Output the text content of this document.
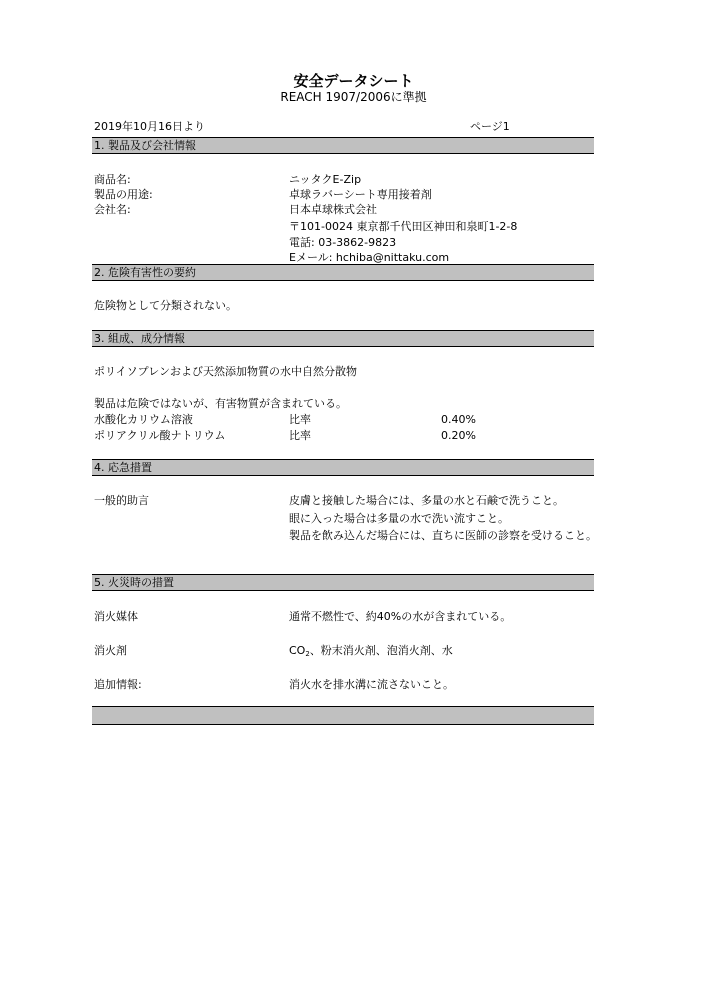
安全データシート
REACH 1907/2006に準拠
2019年10月16日より	ページ1
1. 製品及び会社情報
商品名:	ニッタクE-Zip
製品の用途:	卓球ラバーシート専用接着剤
会社名:	日本卓球株式会社
〒101-0024 東京都千代田区神田和泉町1-2-8
電話: 03-3862-9823
Eメール: hchiba@nittaku.com
2. 危険有害性の要約
危険物として分類されない。
3. 組成、成分情報
ポリイソプレンおよび天然添加物質の水中自然分散物
製品は危険ではないが、有害物質が含まれている。
水酸化カリウム溶液	比率	0.40%
ポリアクリル酸ナトリウム	比率	0.20%
4. 応急措置
一般的助言	皮膚と接触した場合には、多量の水と石鹸で洗うこと。
眼に入った場合は多量の水で洗い流すこと。
製品を飲み込んだ場合には、直ちに医師の診察を受けること。
5. 火災時の措置
消火媒体	通常不燃性で、約40%の水が含まれている。
消火剤	$CO_2$、粉末消火剤、泡消火剤、水
追加情報:	消火水を排水溝に流さないこと。
